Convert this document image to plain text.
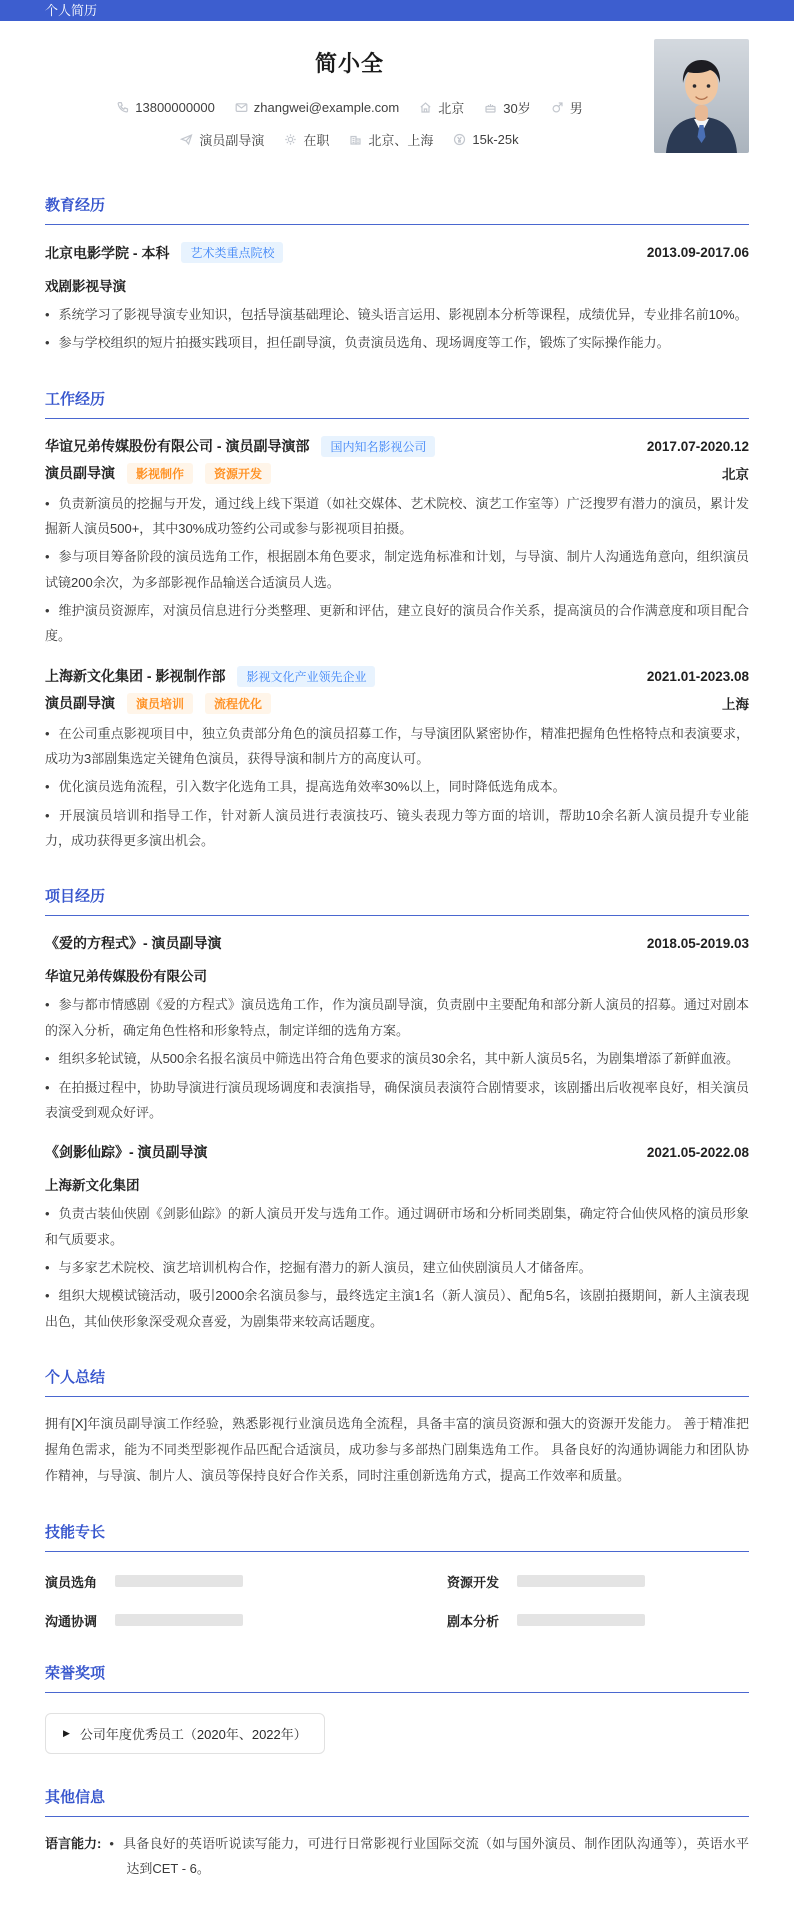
个人简历
简小全
13800000000	zhangwei@example.com	北京	30岁	男
演员副导演	在职	北京、上海	15k-25k
教育经历
北京电影学院 - 本科	艺术类重点院校	2013.09-2017.06
戏剧影视导演
• 系统学习了影视导演专业知识，包括导演基础理论、镜头语言运用、影视剧本分析等课程，成绩优异，专业排名前10%。
• 参与学校组织的短片拍摄实践项目，担任副导演，负责演员选角、现场调度等工作，锻炼了实际操作能力。
工作经历
华谊兄弟传媒股份有限公司 - 演员副导演部	国内知名影视公司	2017.07-2020.12
演员副导演	影视制作	资源开发	北京
• 负责新演员的挖掘与开发，通过线上线下渠道（如社交媒体、艺术院校、演艺工作室等）广泛搜罗有潜力的演员，累计发掘新人演员500+，其中30%成功签约公司或参与影视项目拍摄。
• 参与项目筹备阶段的演员选角工作，根据剧本角色要求，制定选角标准和计划，与导演、制片人沟通选角意向，组织演员试镜200余次，为多部影视作品输送合适演员人选。
• 维护演员资源库，对演员信息进行分类整理、更新和评估，建立良好的演员合作关系，提高演员的合作满意度和项目配合度。
上海新文化集团 - 影视制作部	影视文化产业领先企业	2021.01-2023.08
演员副导演	演员培训	流程优化	上海
• 在公司重点影视项目中，独立负责部分角色的演员招募工作，与导演团队紧密协作，精准把握角色性格特点和表演要求，成功为3部剧集选定关键角色演员，获得导演和制片方的高度认可。
• 优化演员选角流程，引入数字化选角工具，提高选角效率30%以上，同时降低选角成本。
• 开展演员培训和指导工作，针对新人演员进行表演技巧、镜头表现力等方面的培训，帮助10余名新人演员提升专业能力，成功获得更多演出机会。
项目经历
《爱的方程式》- 演员副导演	2018.05-2019.03
华谊兄弟传媒股份有限公司
• 参与都市情感剧《爱的方程式》演员选角工作，作为演员副导演，负责剧中主要配角和部分新人演员的招募。通过对剧本的深入分析，确定角色性格和形象特点，制定详细的选角方案。
• 组织多轮试镜，从500余名报名演员中筛选出符合角色要求的演员30余名，其中新人演员5名，为剧集增添了新鲜血液。
• 在拍摄过程中，协助导演进行演员现场调度和表演指导，确保演员表演符合剧情要求，该剧播出后收视率良好，相关演员表演受到观众好评。
《剑影仙踪》- 演员副导演	2021.05-2022.08
上海新文化集团
• 负责古装仙侠剧《剑影仙踪》的新人演员开发与选角工作。通过调研市场和分析同类剧集，确定符合仙侠风格的演员形象和气质要求。
• 与多家艺术院校、演艺培训机构合作，挖掘有潜力的新人演员，建立仙侠剧演员人才储备库。
• 组织大规模试镜活动，吸引2000余名演员参与，最终选定主演1名（新人演员）、配角5名，该剧拍摄期间，新人主演表现出色，其仙侠形象深受观众喜爱，为剧集带来较高话题度。
个人总结
拥有[X]年演员副导演工作经验，熟悉影视行业演员选角全流程，具备丰富的演员资源和强大的资源开发能力。 善于精准把握角色需求，能为不同类型影视作品匹配合适演员，成功参与多部热门剧集选角工作。 具备良好的沟通协调能力和团队协作精神，与导演、制片人、演员等保持良好合作关系，同时注重创新选角方式，提高工作效率和质量。
技能专长
演员选角	资源开发
沟通协调	剧本分析
荣誉奖项
▶ 公司年度优秀员工（2020年、2022年）
其他信息
语言能力: • 具备良好的英语听说读写能力，可进行日常影视行业国际交流（如与国外演员、制作团队沟通等），英语水平达到CET - 6。
